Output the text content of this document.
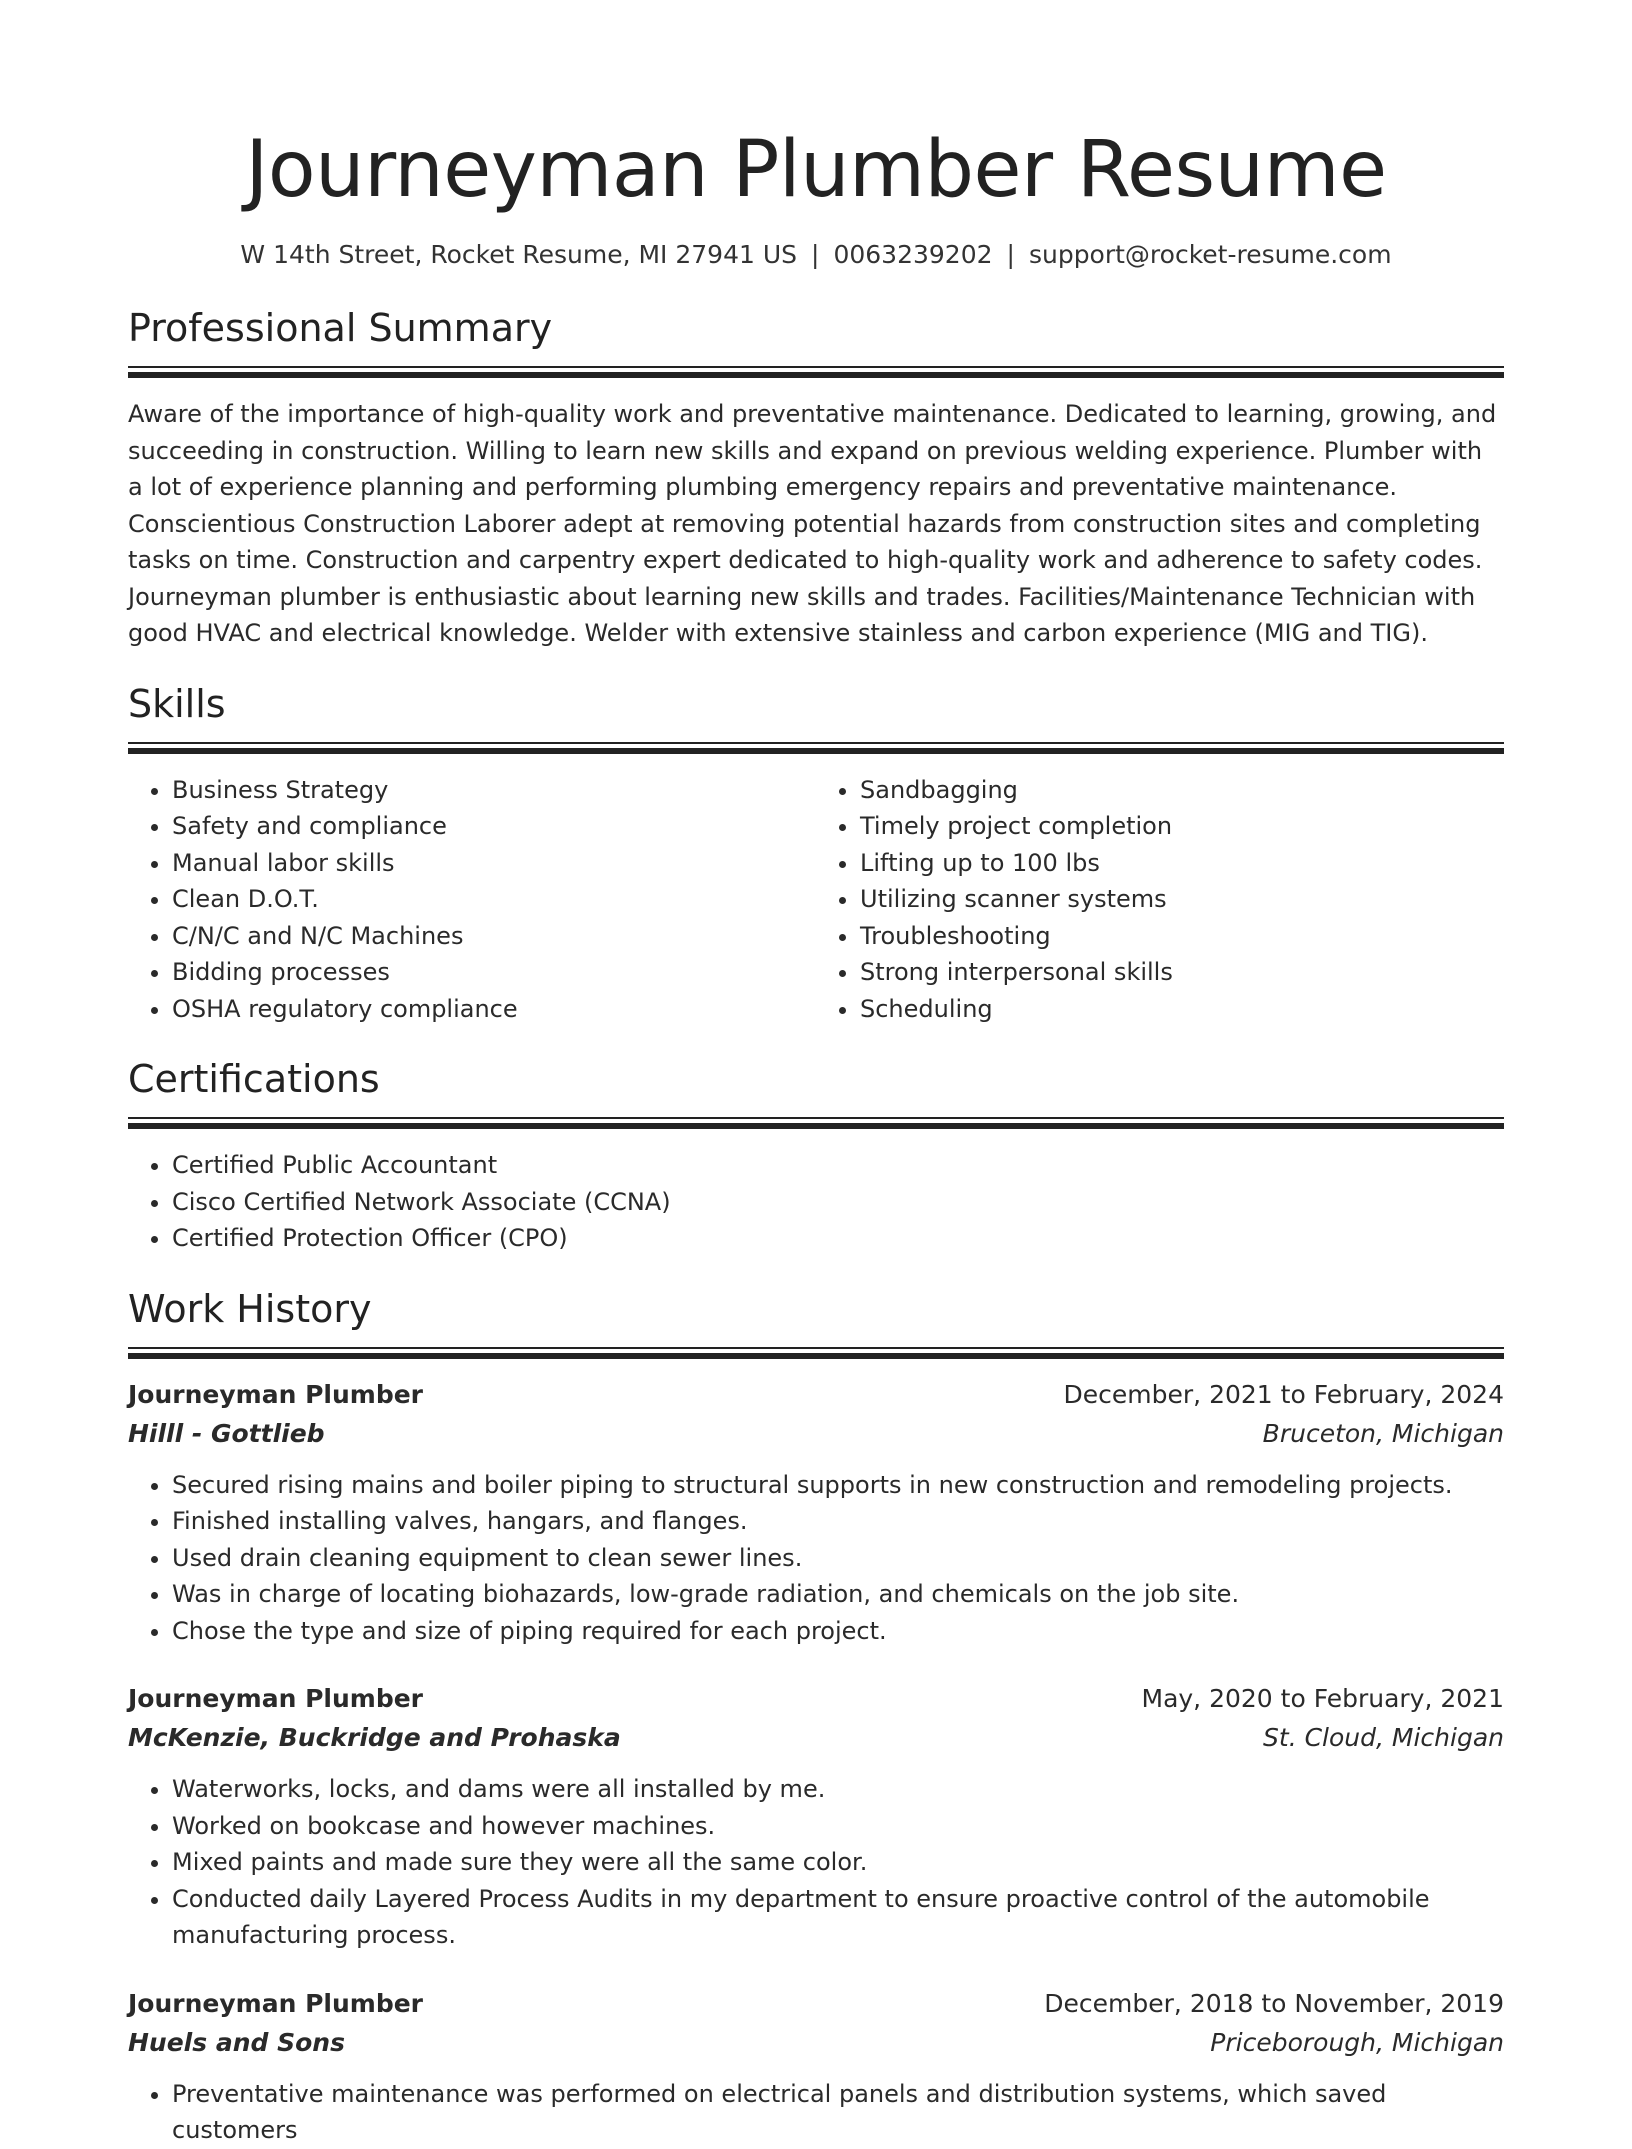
Journeyman Plumber Resume
W 14th Street, Rocket Resume, MI 27941 US | 0063239202 | support@rocket-resume.com
Professional Summary

Aware of the importance of high-quality work and preventative maintenance. Dedicated to learning, growing, and succeeding in construction. Willing to learn new skills and expand on previous welding experience. Plumber with a lot of experience planning and performing plumbing emergency repairs and preventative maintenance. Conscientious Construction Laborer adept at removing potential hazards from construction sites and completing tasks on time. Construction and carpentry expert dedicated to high-quality work and adherence to safety codes. Journeyman plumber is enthusiastic about learning new skills and trades. Facilities/Maintenance Technician with good HVAC and electrical knowledge. Welder with extensive stainless and carbon experience (MIG and TIG).

Skills
• Business Strategy
• Safety and compliance
• Manual labor skills
• Clean D.O.T.
• C/N/C and N/C Machines
• Bidding processes
• OSHA regulatory compliance
• Sandbagging
• Timely project completion
• Lifting up to 100 lbs
• Utilizing scanner systems
• Troubleshooting
• Strong interpersonal skills
• Scheduling
Certifications
• Certified Public Accountant
• Cisco Certified Network Associate (CCNA)
• Certified Protection Officer (CPO)
Work History
Journeyman Plumber	December, 2021 to February, 2024
Hilll - Gottlieb	Bruceton, Michigan
• Secured rising mains and boiler piping to structural supports in new construction and remodeling projects.
• Finished installing valves, hangars, and flanges.
• Used drain cleaning equipment to clean sewer lines.
• Was in charge of locating biohazards, low-grade radiation, and chemicals on the job site.
• Chose the type and size of piping required for each project.
Journeyman Plumber	May, 2020 to February, 2021
McKenzie, Buckridge and Prohaska	St. Cloud, Michigan
• Waterworks, locks, and dams were all installed by me.
• Worked on bookcase and however machines.
• Mixed paints and made sure they were all the same color.
• Conducted daily Layered Process Audits in my department to ensure proactive control of the automobile manufacturing process.
Journeyman Plumber	December, 2018 to November, 2019
Huels and Sons	Priceborough, Michigan
• Preventative maintenance was performed on electrical panels and distribution systems, which saved customers
